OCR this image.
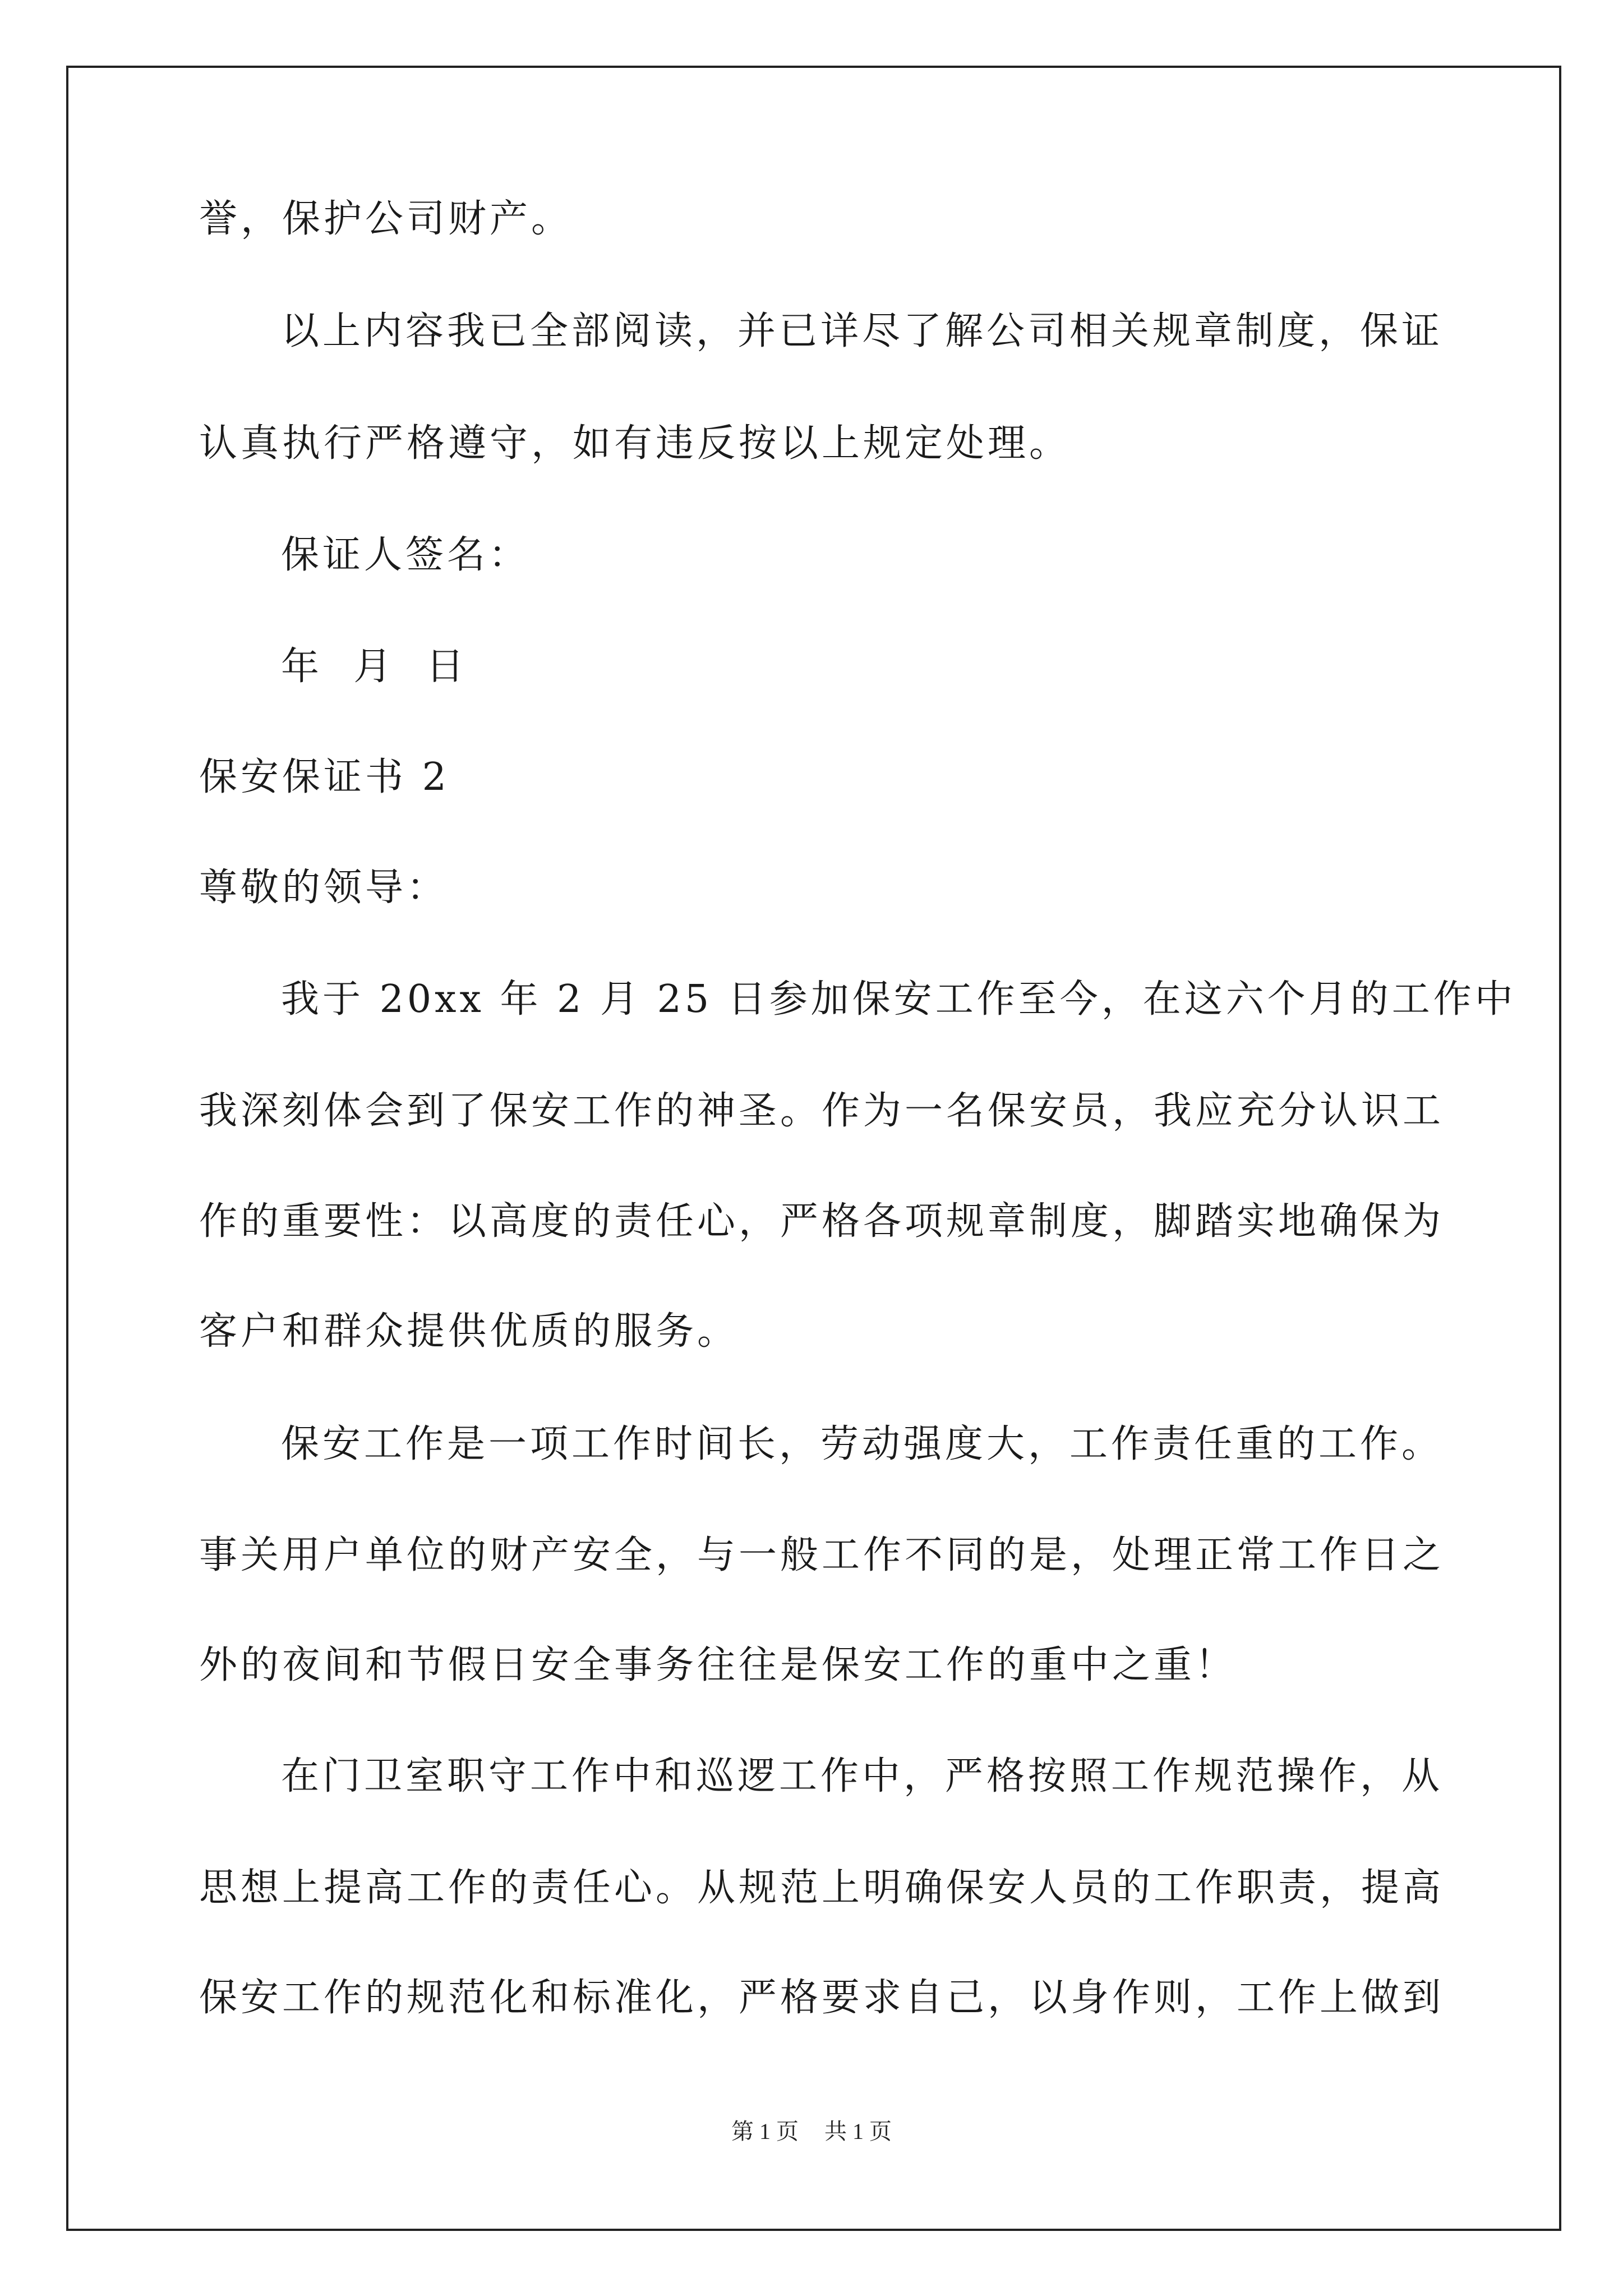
誉，保护公司财产。
以上内容我已全部阅读，并已详尽了解公司相关规章制度，保证
认真执行严格遵守，如有违反按以上规定处理。
保证人签名：
年  月  日
保安保证书 2
尊敬的领导：
我于 20xx 年 2 月 25 日参加保安工作至今，在这六个月的工作中
我深刻体会到了保安工作的神圣。作为一名保安员，我应充分认识工
作的重要性：以高度的责任心，严格各项规章制度，脚踏实地确保为
客户和群众提供优质的服务。
保安工作是一项工作时间长，劳动强度大，工作责任重的工作。
事关用户单位的财产安全，与一般工作不同的是，处理正常工作日之
外的夜间和节假日安全事务往往是保安工作的重中之重！
在门卫室职守工作中和巡逻工作中，严格按照工作规范操作，从
思想上提高工作的责任心。从规范上明确保安人员的工作职责，提高
保安工作的规范化和标准化，严格要求自己，以身作则，工作上做到
第 1 页 共 1 页
